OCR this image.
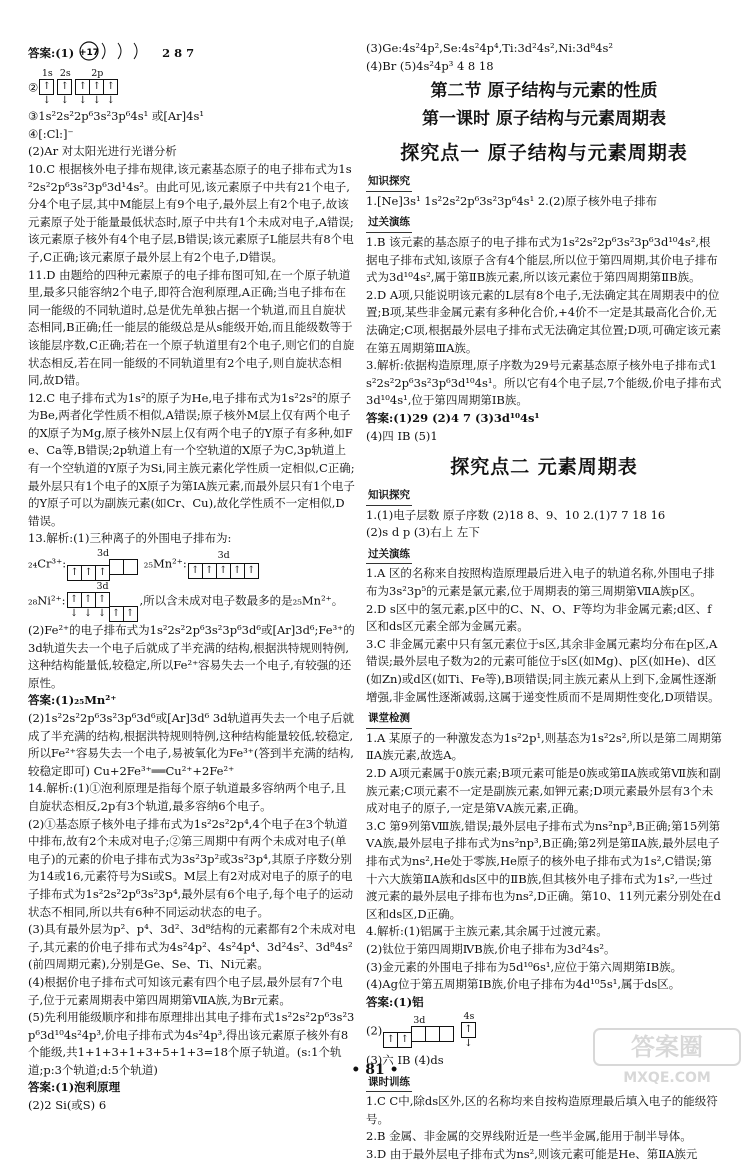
答案:(1) +17	2 8 7

②
1s
↑↓
2s
↑↓
2p
↑↓↑↓↑↓

③1s²2s²2p⁶3s²3p⁶4s¹ 或[Ar]4s¹

④[:Cl:]⁻

(2)Ar 对太阳光进行光谱分析

10.C 根据核外电子排布规律,该元素基态原子的电子排布式为1s²2s²2p⁶3s²3p⁶3d¹4s²。由此可见,该元素原子中共有21个电子,分4个电子层,其中M能层上有9个电子,最外层上有2个电子,故该元素原子处于能量最低状态时,原子中共有1个未成对电子,A错误;该元素原子核外有4个电子层,B错误;该元素原子L能层共有8个电子,C正确;该元素原子最外层上有2个电子,D错误。

11.D 由题给的四种元素原子的电子排布图可知,在一个原子轨道里,最多只能容纳2个电子,即符合泡利原理,A正确;当电子排布在同一能级的不同轨道时,总是优先单独占据一个轨道,而且自旋状态相同,B正确;任一能层的能级总是从s能级开始,而且能级数等于该能层序数,C正确;若在一个原子轨道里有2个电子,则它们的自旋状态相反,若在同一能级的不同轨道里有2个电子,则自旋状态相同,故D错。

12.C 电子排布式为1s²的原子为He,电子排布式为1s²2s²的原子为Be,两者化学性质不相似,A错误;原子核外M层上仅有两个电子的X原子为Mg,原子核外N层上仅有两个电子的Y原子有多种,如Fe、Ca等,B错误;2p轨道上有一个空轨道的X原子为C,3p轨道上有一个空轨道的Y原子为Si,同主族元素化学性质一定相似,C正确;最外层只有1个电子的X原子为第ⅠA族元素,而最外层只有1个电子的Y原子可以为副族元素(如Cr、Cu),故化学性质不一定相似,D错误。

13.解析:(1)三种离子的外围电子排布为:

₂₄Cr³⁺:
3d
↑ ↑ ↑ ₂₅Mn²⁺:
3d
↑ ↑ ↑ ↑ ↑
₂₈Ni²⁺:
3d
↑↓↑↓↑↓ ↑ ↑,所以含未成对电子数最多的是₂₅Mn²⁺。

(2)Fe²⁺的电子排布式为1s²2s²2p⁶3s²3p⁶3d⁶或[Ar]3d⁶;Fe³⁺的3d轨道失去一个电子后就成了半充满的结构,根据洪特规则特例,这种结构能量低,较稳定,所以Fe²⁺容易失去一个电子,有较强的还原性。

答案:(1)₂₅Mn²⁺

(2)1s²2s²2p⁶3s²3p⁶3d⁶或[Ar]3d⁶ 3d轨道再失去一个电子后就成了半充满的结构,根据洪特规则特例,这种结构能量较低,较稳定,所以Fe²⁺容易失去一个电子,易被氧化为Fe³⁺(答到半充满的结构,较稳定即可) Cu+2Fe³⁺══Cu²⁺+2Fe²⁺

14.解析:(1)①泡利原理是指每个原子轨道最多容纳两个电子,且自旋状态相反,2p有3个轨道,最多容纳6个电子。

(2)①基态原子核外电子排布式为1s²2s²2p⁴,4个电子在3个轨道中排布,故有2个未成对电子;②第三周期中有两个未成对电子(单电子)的元素的价电子排布式为3s²3p²或3s²3p⁴,其原子序数分别为14或16,元素符号为Si或S。M层上有2对成对电子的原子的电子排布式为1s²2s²2p⁶3s²3p⁴,最外层有6个电子,每个电子的运动状态不相同,所以共有6种不同运动状态的电子。

(3)具有最外层为p²、p⁴、3d²、3d⁸结构的元素都有2个未成对电子,其元素的价电子排布式为4s²4p²、4s²4p⁴、3d²4s²、3d⁸4s²(前四周期元素),分别是Ge、Se、Ti、Ni元素。

(4)根据价电子排布式可知该元素有四个电子层,最外层有7个电子,位于元素周期表中第四周期第ⅦA族,为Br元素。

(5)先利用能级顺序和排布原理排出其电子排布式1s²2s²2p⁶3s²3p⁶3d¹⁰4s²4p³,价电子排布式为4s²4p³,得出该元素原子核外有8个能级,共1+1+3+1+3+5+1+3=18个原子轨道。(s:1个轨道;p:3个轨道;d:5个轨道)

答案:(1)泡利原理

(2)2 Si(或S) 6

(3)Ge:4s²4p²,Se:4s²4p⁴,Ti:3d²4s²,Ni:3d⁸4s²

(4)Br (5)4s²4p³ 4 8 18

第二节 原子结构与元素的性质
第一课时 原子结构与元素周期表
探究点一 原子结构与元素周期表
知识探究

1.[Ne]3s¹ 1s²2s²2p⁶3s²3p⁶4s¹ 2.(2)原子核外电子排布

过关演练

1.B 该元素的基态原子的电子排布式为1s²2s²2p⁶3s²3p⁶3d¹⁰4s²,根据电子排布式知,该原子含有4个能层,所以位于第四周期,其价电子排布式为3d¹⁰4s²,属于第ⅡB族元素,所以该元素位于第四周期第ⅡB族。

2.D A项,只能说明该元素的L层有8个电子,无法确定其在周期表中的位置;B项,某些非金属元素有多种化合价,+4价不一定是其最高化合价,无法确定;C项,根据最外层电子排布式无法确定其位置;D项,可确定该元素在第五周期第ⅢA族。

3.解析:依据构造原理,原子序数为29号元素基态原子核外电子排布式1s²2s²2p⁶3s²3p⁶3d¹⁰4s¹。所以它有4个电子层,7个能级,价电子排布式3d¹⁰4s¹,位于第四周期第ⅠB族。

答案:(1)29 (2)4 7 (3)3d¹⁰4s¹

(4)四 ⅠB (5)1

探究点二 元素周期表
知识探究

1.(1)电子层数 原子序数 (2)18 8、9、10 2.(1)7 7 18 16

(2)s d p (3)右上 左下

过关演练

1.A 区的名称来自按照构造原理最后进入电子的轨道名称,外围电子排布为3s²3p⁵的元素是氯元素,位于周期表的第三周期第ⅦA族p区。

2.D s区中的氢元素,p区中的C、N、O、F等均为非金属元素;d区、f区和ds区元素全部为金属元素。

3.C 非金属元素中只有氢元素位于s区,其余非金属元素均分布在p区,A错误;最外层电子数为2的元素可能位于s区(如Mg)、p区(如He)、d区(如Zn)或d区(如Ti、Fe等),B项错误;同主族元素从上到下,金属性逐渐增强,非金属性逐渐减弱,这属于递变性质而不是周期性变化,D项错误。

课堂检测

1.A 某原子的一种激发态为1s²2p¹,则基态为1s²2s²,所以是第二周期第ⅡA族元素,故选A。

2.D A项元素属于0族元素;B项元素可能是0族或第ⅡA族或第Ⅶ族和副族元素;C项元素不一定是副族元素,如钾元素;D项元素最外层有3个未成对电子的原子,一定是第ⅤA族元素,正确。

3.C 第9列第Ⅷ族,错误;最外层电子排布式为ns²np³,B正确;第15列第ⅤA族,最外层电子排布式为ns²np³,B正确;第2列是第ⅡA族,最外层电子排布式为ns²,He处于零族,He原子的核外电子排布式为1s²,C错误;第十六大族第ⅡA族和ds区中的ⅡB族,但其核外电子排布式为1s²,一些过渡元素的最外层电子排布也为ns²,D正确。第10、11列元素分别处在d区和ds区,D正确。

4.解析:(1)铝属于主族元素,其余属于过渡元素。

(2)钛位于第四周期ⅣB族,价电子排布为3d²4s²。

(3)金元素的外围电子排布为5d¹⁰6s¹,应位于第六周期第ⅠB族。

(4)Ag位于第五周期第ⅠB族,价电子排布为4d¹⁰5s¹,属于ds区。

答案:(1)铝

(2)
3d
↑ ↑
4s
↑↓

(3)六 ⅠB (4)ds

课时训练

1.C C中,除ds区外,区的名称均来自按构造原理最后填入电子的能级符号。

2.B 金属、非金属的交界线附近是一些半金属,能用于制半导体。

3.D 由于最外层电子排布式为ns²,则该元素可能是He、第ⅡA族元

• 81 •
答案圈
MXQE.COM
